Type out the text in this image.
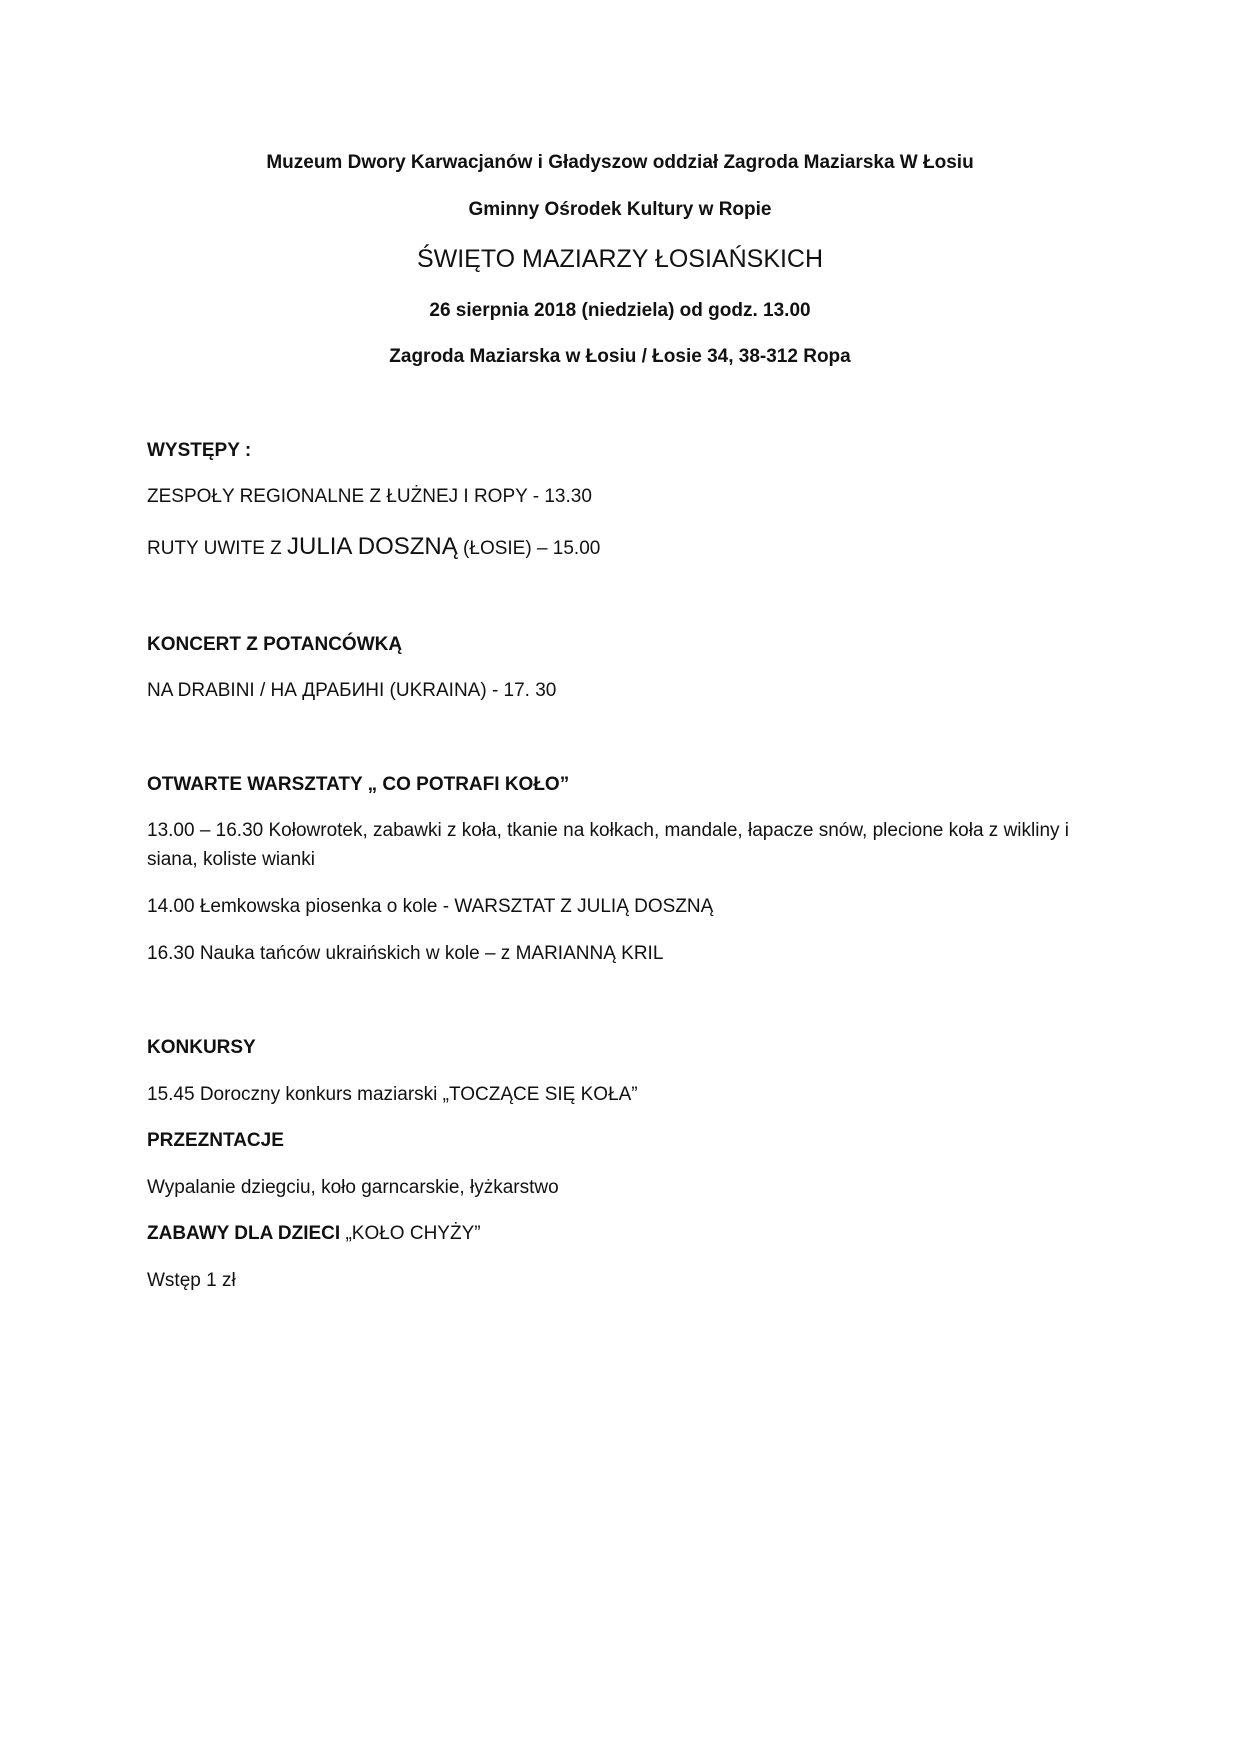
Muzeum Dwory Karwacjanów i Gładyszow oddział Zagroda Maziarska W Łosiu
Gminny Ośrodek Kultury w Ropie
ŚWIĘTO MAZIARZY ŁOSIAŃSKICH
26 sierpnia 2018 (niedziela) od godz. 13.00
Zagroda Maziarska w Łosiu / Łosie 34, 38-312 Ropa
WYSTĘPY :
ZESPOŁY REGIONALNE Z ŁUŻNEJ I ROPY - 13.30
RUTY UWITE Z JULIA DOSZNĄ (ŁOSIE) – 15.00
KONCERT Z POTANCÓWKĄ
NA DRABINI / НА ДРАБИНІ (UKRAINA) - 17. 30
OTWARTE WARSZTATY „ CO POTRAFI KOŁO”
13.00 – 16.30 Kołowrotek, zabawki z koła, tkanie na kołkach, mandale, łapacze snów, plecione koła z wikliny i siana, koliste wianki
14.00 Łemkowska piosenka o kole - WARSZTAT Z JULIĄ DOSZNĄ
16.30 Nauka tańców ukraińskich w kole – z MARIANNĄ KRIL
KONKURSY
15.45 Doroczny konkurs maziarski „TOCZĄCE SIĘ KOŁA”
PRZEZNTACJE
Wypalanie dziegciu, koło garncarskie, łyżkarstwo
ZABAWY DLA DZIECI „KOŁO CHYŻY”
Wstęp 1 zł
